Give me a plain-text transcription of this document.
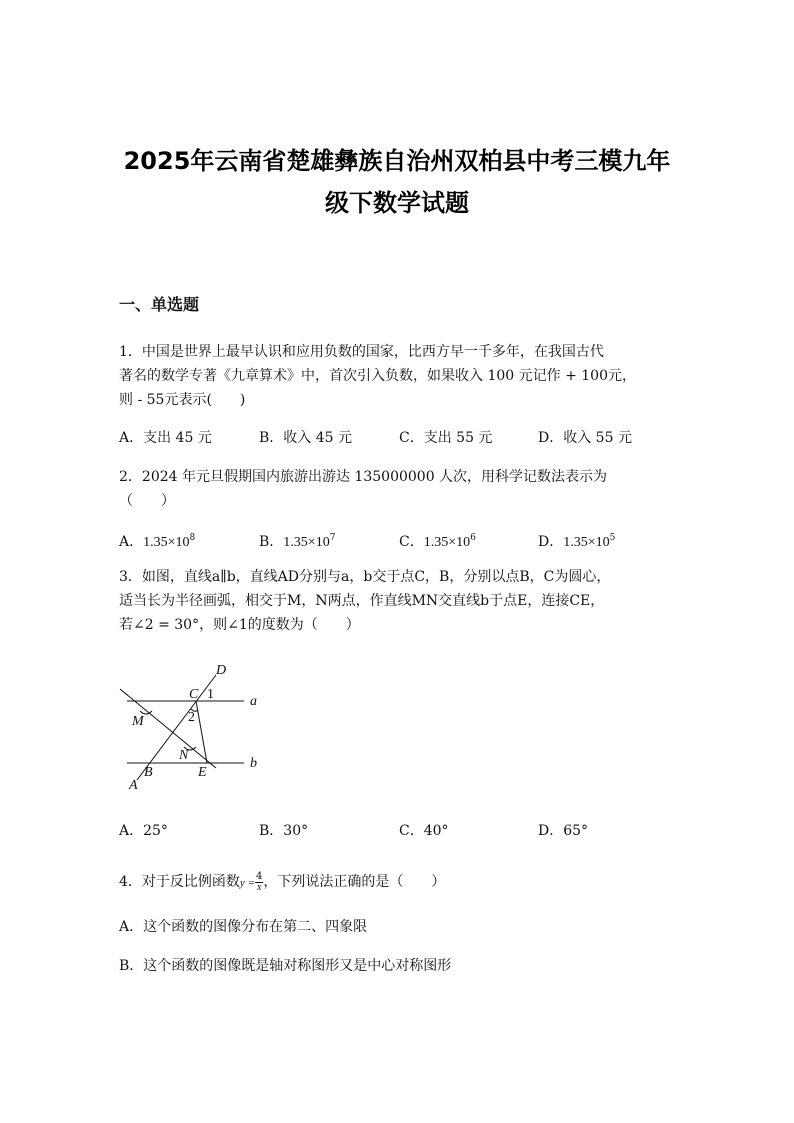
2025年云南省楚雄彝族自治州双柏县中考三模九年
级下数学试题
一、单选题
1．中国是世界上最早认识和应用负数的国家，比西方早一千多年，在我国古代
著名的数学专著《九章算术》中，首次引入负数，如果收入 100 元记作 + 100元，
则 - 55元表示(　　)
A．支出 45 元	B．收入 45 元	C．支出 55 元	D．收入 55 元
2．2024 年元旦假期国内旅游出游达 135000000 人次，用科学记数法表示为
（　　）
A．$1.35\times 10^8$	B．$1.35\times 10^7$	C．$1.35\times 10^6$	D．$1.35\times 10^5$
3．如图，直线a∥b，直线AD分别与a，b交于点C，B，分别以点B，C为圆心，
适当长为半径画弧，相交于M，N两点，作直线MN交直线b于点E，连接CE，
若∠2 = 30°，则∠1的度数为（　　）
D
C 1	a
M	2
N
B	E
b
A
A．25°	B．30°	C．40°	D．65°
4．对于反比例函数$y = \frac{4}{x}$ ，下列说法正确的是（　　）
A．这个函数的图像分布在第二、四象限
B．这个函数的图像既是轴对称图形又是中心对称图形
